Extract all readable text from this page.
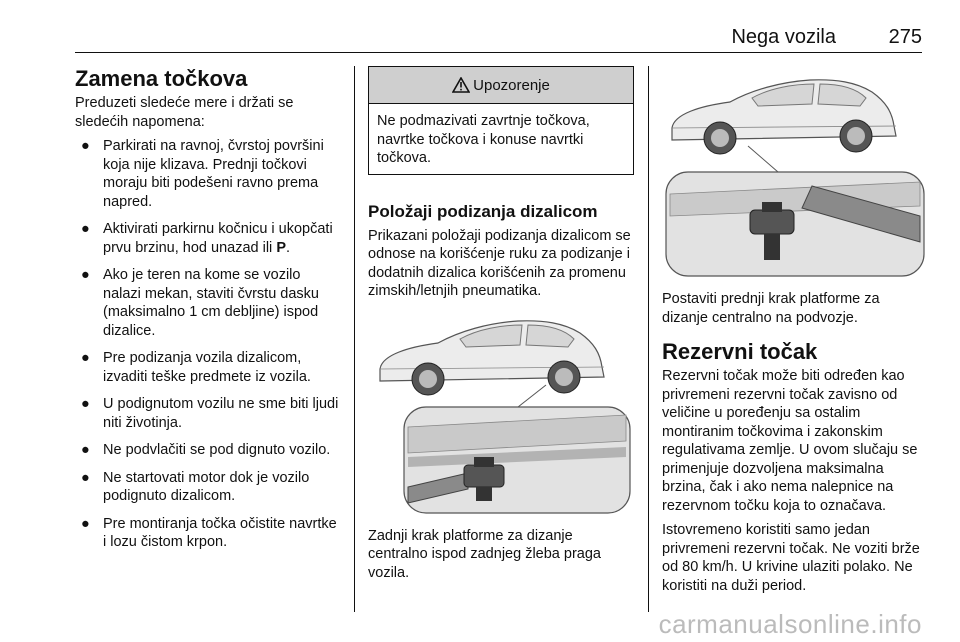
Nega vozila	275
Zamena točkova

Preduzeti sledeće mere i držati se sledećih napomena:

● Parkirati na ravnoj, čvrstoj površini koja nije klizava. Prednji točkovi moraju biti podešeni ravno prema napred.
● Aktivirati parkirnu kočnicu i ukopčati prvu brzinu, hod unazad ili P.
● Ako je teren na kome se vozilo nalazi mekan, staviti čvrstu dasku (maksimalno 1 cm debljine) ispod dizalice.
● Pre podizanja vozila dizalicom, izvaditi teške predmete iz vozila.
● U podignutom vozilu ne sme biti ljudi niti životinja.
● Ne podvlačiti se pod dignuto vozilo.
● Ne startovati motor dok je vozilo podignuto dizalicom.
● Pre montiranja točka očistite navrtke i lozu čistom krpon.
Upozorenje
Ne podmazivati zavrtnje točkova, navrtke točkova i konuse navrtki točkova.
Položaji podizanja dizalicom

Prikazani položaji podizanja dizalicom se odnose na korišćenje ruku za podizanje i dodatnih dizalica korišćenih za promenu zimskih/letnjih pneumatika.

Zadnji krak platforme za dizanje centralno ispod zadnjeg žleba praga vozila.

Postaviti prednji krak platforme za dizanje centralno na podvozje.

Rezervni točak

Rezervni točak može biti određen kao privremeni rezervni točak zavisno od veličine u poređenju sa ostalim montiranim točkovima i zakonskim regulativama zemlje. U ovom slučaju se primenjuje dozvoljena maksimalna brzina, čak i ako nema nalepnice na rezervnom točku koja to označava.

Istovremeno koristiti samo jedan privremeni rezervni točak. Ne voziti brže od 80 km/h. U krivine ulaziti polako. Ne koristiti na duži period.

carmanualsonline.info
